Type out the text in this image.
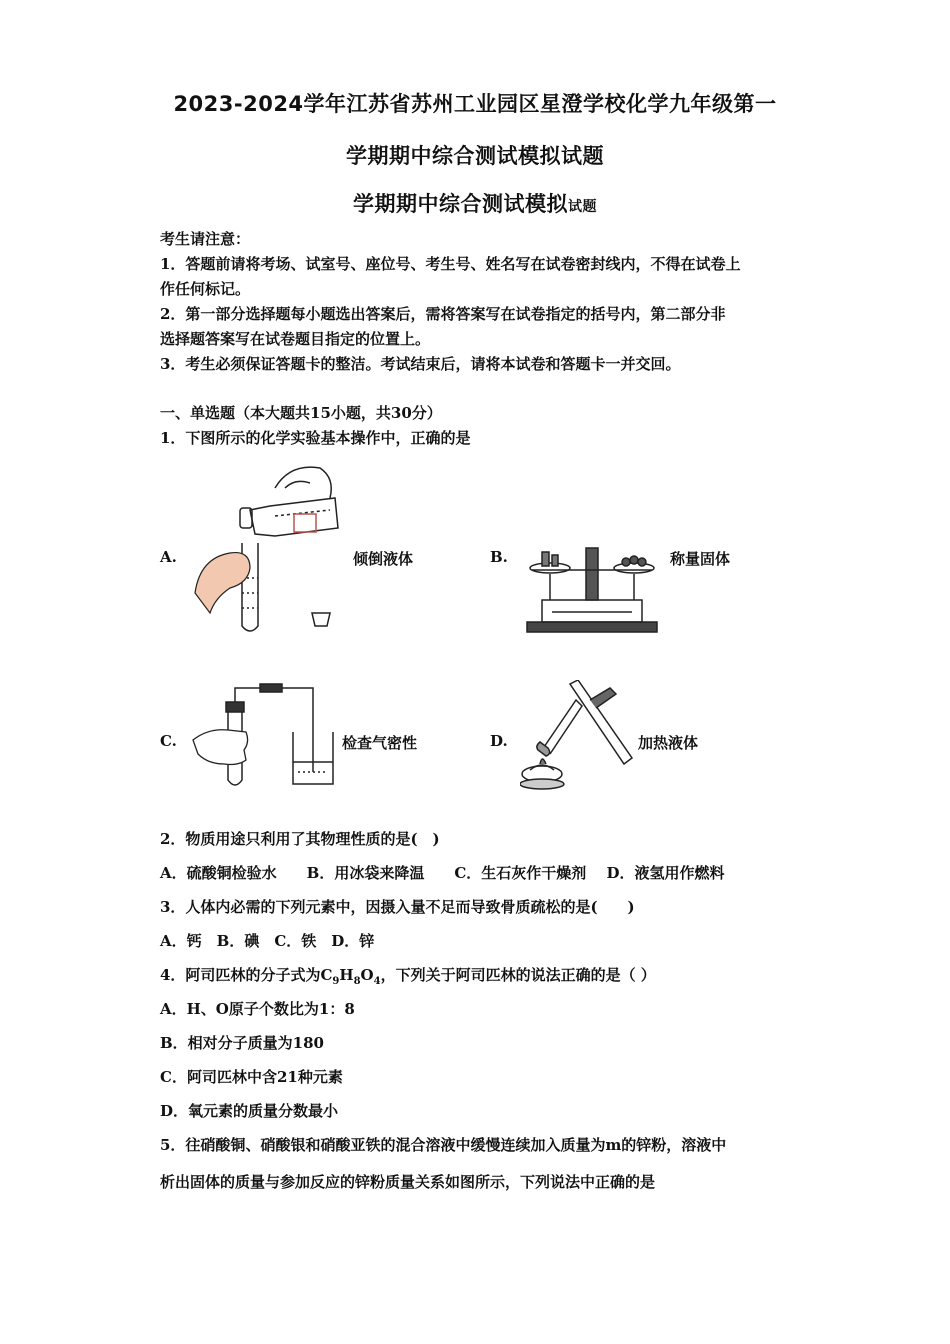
2023-2024学年江苏省苏州工业园区星澄学校化学九年级第一
学期期中综合测试模拟试题
学期期中综合测试模拟试题
考生请注意：
1．答题前请将考场、试室号、座位号、考生号、姓名写在试卷密封线内，不得在试卷上
作任何标记。
2．第一部分选择题每小题选出答案后，需将答案写在试卷指定的括号内，第二部分非
选择题答案写在试卷题目指定的位置上。
3．考生必须保证答题卡的整洁。考试结束后，请将本试卷和答题卡一并交回。
一、单选题（本大题共15小题，共30分）
1．下图所示的化学实验基本操作中，正确的是
A.	倾倒液体	B.	称量固体
C.	检查气密性	D.	加热液体
2．物质用途只利用了其物理性质的是(　)
A．硫酸铜检验水　　B．用冰袋来降温　　C．生石灰作干燥剂　 D．液氢用作燃料
3．人体内必需的下列元素中，因摄入量不足而导致骨质疏松的是(　　)
A．钙　B．碘　C．铁　D．锌
4．阿司匹林的分子式为$C_9H_8O_4$，下列关于阿司匹林的说法正确的是（ ）
A．H、O原子个数比为1：8
B．相对分子质量为180
C．阿司匹林中含21种元素
D．氧元素的质量分数最小
5．往硝酸铜、硝酸银和硝酸亚铁的混合溶液中缓慢连续加入质量为m的锌粉，溶液中
析出固体的质量与参加反应的锌粉质量关系如图所示，下列说法中正确的是
